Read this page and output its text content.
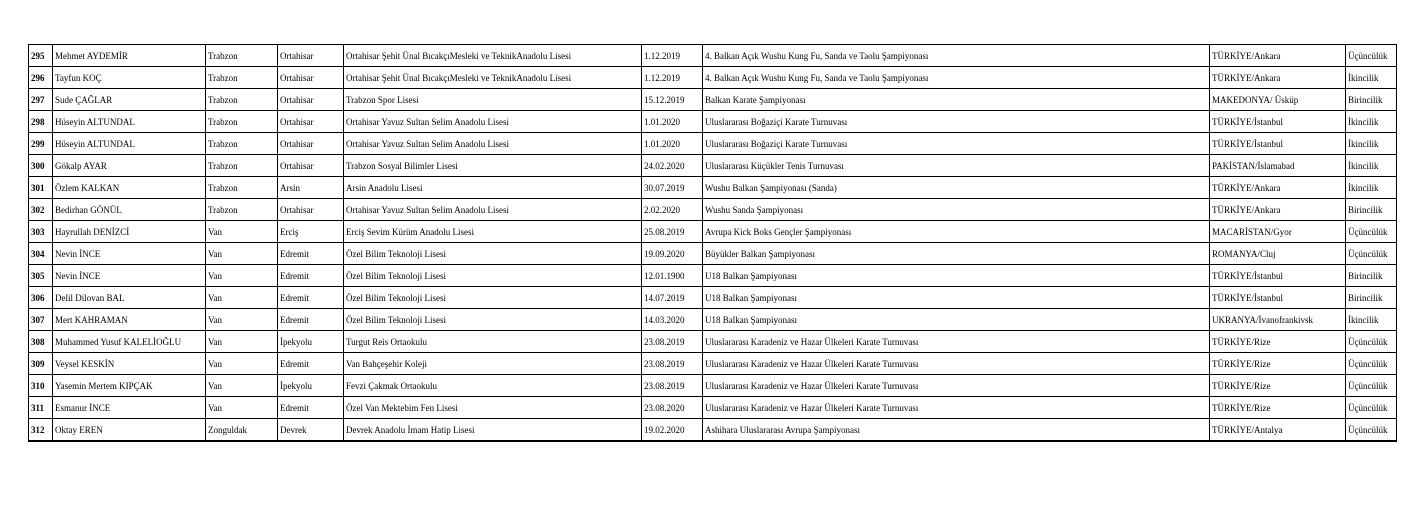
295	Mehmet AYDEMİR	Trabzon	Ortahisar	Ortahisar Şehit Ünal BıcakçıMesleki ve TeknikAnadolu Lisesi	1.12.2019	4. Balkan Açık Wushu Kung Fu, Sanda ve Taolu Şampiyonası	TÜRKİYE/Ankara	Üçüncülük
296	Tayfun KOÇ	Trabzon	Ortahisar	Ortahisar Şehit Ünal BıcakçıMesleki ve TeknikAnadolu Lisesi	1.12.2019	4. Balkan Açık Wushu Kung Fu, Sanda ve Taolu Şampiyonası	TÜRKİYE/Ankara	İkincilik
297	Sude ÇAĞLAR	Trabzon	Ortahisar	Trabzon Spor Lisesi	15.12.2019	Balkan Karate Şampiyonası	MAKEDONYA/ Üsküp	Birincilik
298	Hüseyin ALTUNDAL	Trabzon	Ortahisar	Ortahisar Yavuz Sultan Selim Anadolu Lisesi	1.01.2020	Uluslararası Boğaziçi Karate Turnuvası	TÜRKİYE/İstanbul	İkincilik
299	Hüseyin ALTUNDAL	Trabzon	Ortahisar	Ortahisar Yavuz Sultan Selim Anadolu Lisesi	1.01.2020	Uluslararası Boğaziçi Karate Turnuvası	TÜRKİYE/İstanbul	İkincilik
300	Gökalp AYAR	Trabzon	Ortahisar	Trabzon Sosyal Bilimler Lisesi	24.02.2020	Uluslararası Küçükler Tenis Turnuvası	PAKİSTAN/İslamabad	İkincilik
301	Özlem KALKAN	Trabzon	Arsin	Arsin Anadolu Lisesi	30.07.2019	Wushu Balkan Şampiyonası (Sanda)	TÜRKİYE/Ankara	İkincilik
302	Bedirhan GÖNÜL	Trabzon	Ortahisar	Ortahisar Yavuz Sultan Selim Anadolu Lisesi	2.02.2020	Wushu Sanda Şampiyonası	TÜRKİYE/Ankara	Birincilik
303	Hayrullah DENİZCİ	Van	Erciş	Erciş Sevim Kürüm Anadolu Lisesi	25.08.2019	Avrupa Kick Boks Gençler Şampiyonası	MACARİSTAN/Gyor	Üçüncülük
304	Nevin İNCE	Van	Edremit	Özel Bilim Teknoloji Lisesi	19.09.2020	Büyükler Balkan Şampiyonası	ROMANYA/Cluj	Üçüncülük
305	Nevin İNCE	Van	Edremit	Özel Bilim Teknoloji Lisesi	12.01.1900	U18 Balkan Şampiyonası	TÜRKİYE/İstanbul	Birincilik
306	Delil Dilovan BAL	Van	Edremit	Özel Bilim Teknoloji Lisesi	14.07.2019	U18 Balkan Şampiyonası	TÜRKİYE/İstanbul	Birincilik
307	Mert KAHRAMAN	Van	Edremit	Özel Bilim Teknoloji Lisesi	14.03.2020	U18 Balkan Şampiyonası	UKRANYA/İvanofrankivsk	İkincilik
308	Muhammed Yusuf KALELİOĞLU	Van	İpekyolu	Turgut Reis Ortaokulu	23.08.2019	Uluslararası Karadeniz ve Hazar Ülkeleri Karate Turnuvası	TÜRKİYE/Rize	Üçüncülük
309	Veysel KESKİN	Van	Edremit	Van Bahçeşehir Koleji	23.08.2019	Uluslararası Karadeniz ve Hazar Ülkeleri Karate Turnuvası	TÜRKİYE/Rize	Üçüncülük
310	Yasemin Mertem KIPÇAK	Van	İpekyolu	Fevzi Çakmak Ortaokulu	23.08.2019	Uluslararası Karadeniz ve Hazar Ülkeleri Karate Turnuvası	TÜRKİYE/Rize	Üçüncülük
311	Esmanur İNCE	Van	Edremit	Özel Van Mektebim Fen Lisesi	23.08.2020	Uluslararası Karadeniz ve Hazar Ülkeleri Karate Turnuvası	TÜRKİYE/Rize	Üçüncülük
312	Oktay EREN	Zonguldak	Devrek	Devrek Anadolu İmam Hatip Lisesi	19.02.2020	Ashihara Uluslararası Avrupa Şampiyonası	TÜRKİYE/Antalya	Üçüncülük
